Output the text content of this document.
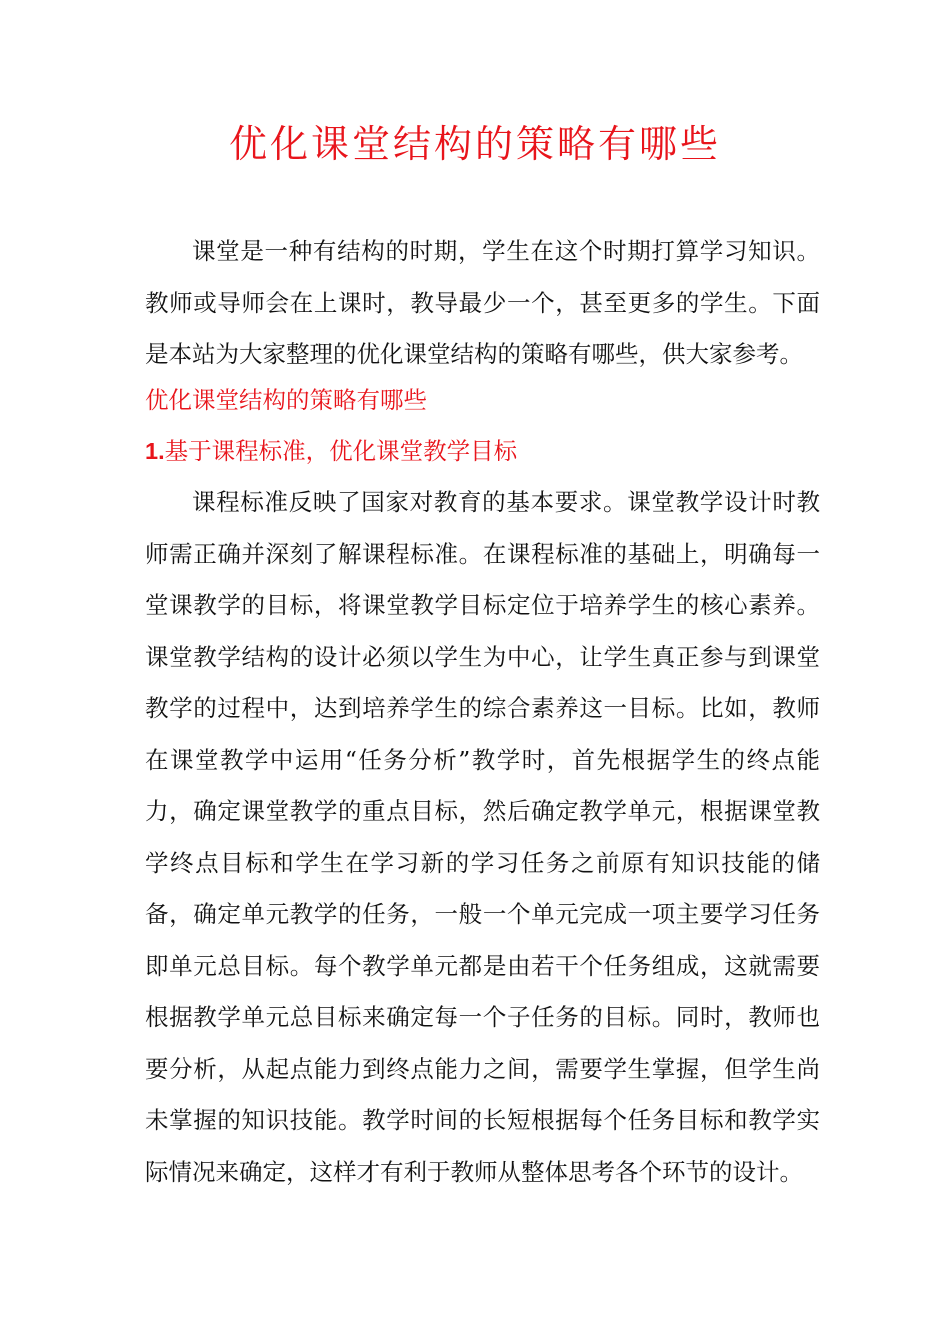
优化课堂结构的策略有哪些
课堂是一种有结构的时期，学生在这个时期打算学习知识。教师或导师会在上课时，教导最少一个，甚至更多的学生。下面是本站为大家整理的优化课堂结构的策略有哪些，供大家参考。
优化课堂结构的策略有哪些
1.基于课程标准，优化课堂教学目标
课程标准反映了国家对教育的基本要求。课堂教学设计时教师需正确并深刻了解课程标准。在课程标准的基础上，明确每一堂课教学的目标，将课堂教学目标定位于培养学生的核心素养。课堂教学结构的设计必须以学生为中心，让学生真正参与到课堂教学的过程中，达到培养学生的综合素养这一目标。比如，教师在课堂教学中运用“任务分析”教学时，首先根据学生的终点能力，确定课堂教学的重点目标，然后确定教学单元，根据课堂教学终点目标和学生在学习新的学习任务之前原有知识技能的储备，确定单元教学的任务，一般一个单元完成一项主要学习任务即单元总目标。每个教学单元都是由若干个任务组成，这就需要根据教学单元总目标来确定每一个子任务的目标。同时，教师也要分析，从起点能力到终点能力之间，需要学生掌握，但学生尚未掌握的知识技能。教学时间的长短根据每个任务目标和教学实际情况来确定，这样才有利于教师从整体思考各个环节的设计。
